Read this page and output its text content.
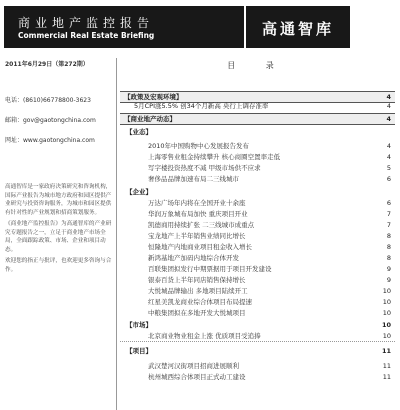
商业地产监控报告
Commercial Real Estate Briefing	高通智库
2011年6月29日（第272期）
电话：(8610)66778800-3623
邮箱：gov@gaotongchina.com
网址：www.gaotongchina.com

高通智库是一家政府决策研究和咨询机构，国际产业报告为城市地方政府和园区提供产业研究与投资咨询服务，为城市和园区提供有针对性的产业规划和招商策划服务。

《商业地产监控报告》为高通智库的产业研究专题报告之一，立足于商业地产市场全局，全面跟踪政策、市场、企业和项目动态。

欢迎您的指正与批评，也欢迎更多咨询与合作。

目 录
【政策及宏观环境】	4
5月CPI涨5.5% 创34个月新高 央行上调存准率	4
【商业地产动态】	4
【业态】
2010年中国购物中心发展报告发布	4
上海零售业租金持续攀升 核心商圈空置率走低	4
写字楼投资热度不减 甲级市场供不应求	5
奢侈品品牌加速布局二三线城市	6
【企业】
万达广场年内将在全国开业十余座	6
华润万象城布局加快 重庆项目开业	7
凯德商用持续扩张 二三线城市成重点	7
宝龙地产上半年销售业绩同比增长	8
恒隆地产内地商业项目租金收入增长	8
新鸿基地产加码内地综合体开发	8
百联集团拟发行中期票据用于项目开发建设	9
银泰百货上半年同店销售保持增长	9
大悦城品牌输出 多地项目陆续开工	10
红星美凯龙商业综合体项目布局提速	10
中粮集团拟在多地开发大悦城项目	10
【市场】	10
北京商业物业租金上涨 优质项目受追捧	10
【项目】	11
武汉楚河汉街项目招商进展顺利	11
杭州城西综合体项目正式动工建设	11
